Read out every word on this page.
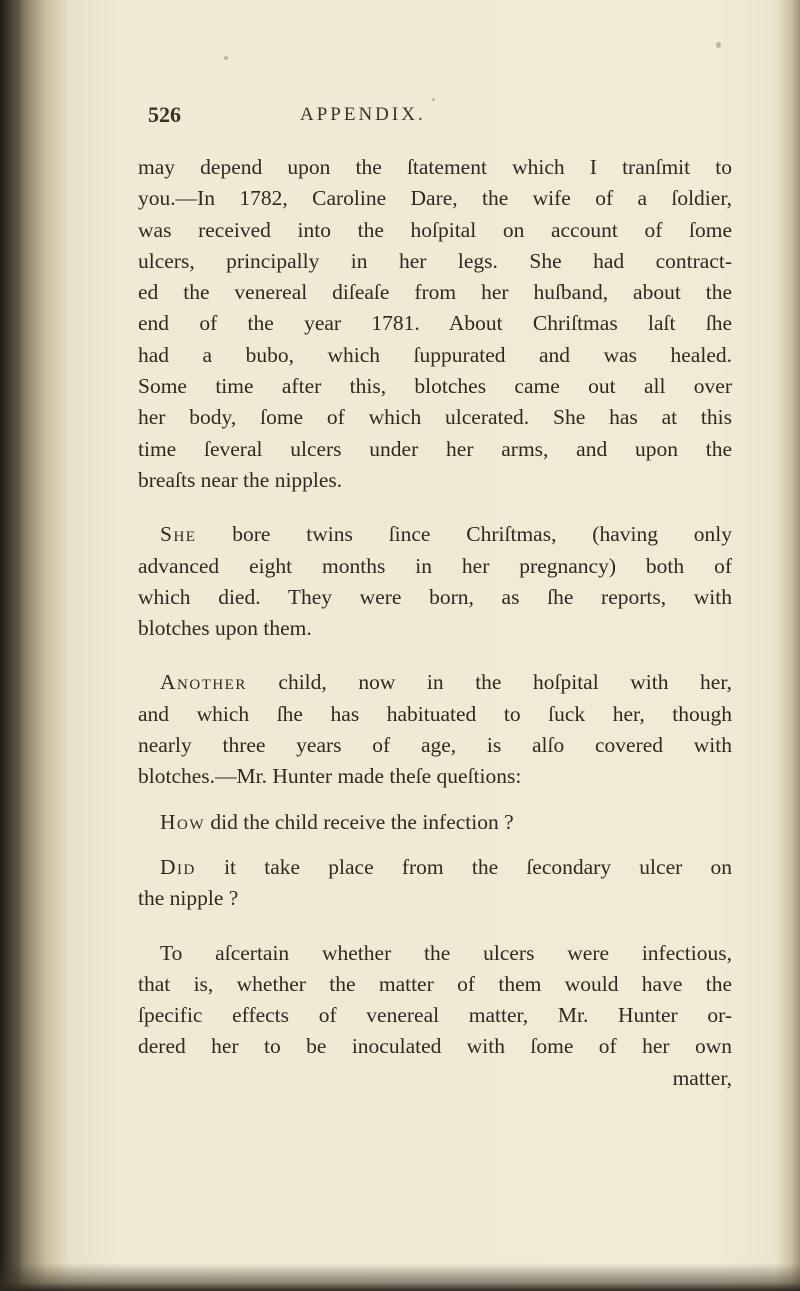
526	APPENDIX.
may depend upon the ſtatement which I tranſmit to
you.—In 1782, Caroline Dare, the wife of a ſoldier,
was received into the hoſpital on account of ſome
ulcers, principally in her legs. She had contract-
ed the venereal diſeaſe from her huſband, about the
end of the year 1781. About Chriſtmas laſt ſhe
had a bubo, which ſuppurated and was healed.
Some time after this, blotches came out all over
her body, ſome of which ulcerated. She has at this
time ſeveral ulcers under her arms, and upon the
breaſts near the nipples.
She bore twins ſince Chriſtmas, (having only
advanced eight months in her pregnancy) both of
which died. They were born, as ſhe reports, with
blotches upon them.
Another child, now in the hoſpital with her,
and which ſhe has habituated to ſuck her, though
nearly three years of age, is alſo covered with
blotches.—Mr. Hunter made theſe queſtions:
How did the child receive the infection ?
Did it take place from the ſecondary ulcer on
the nipple ?
To aſcertain whether the ulcers were infectious,
that is, whether the matter of them would have the
ſpecific effects of venereal matter, Mr. Hunter or-
dered her to be inoculated with ſome of her own
matter,
